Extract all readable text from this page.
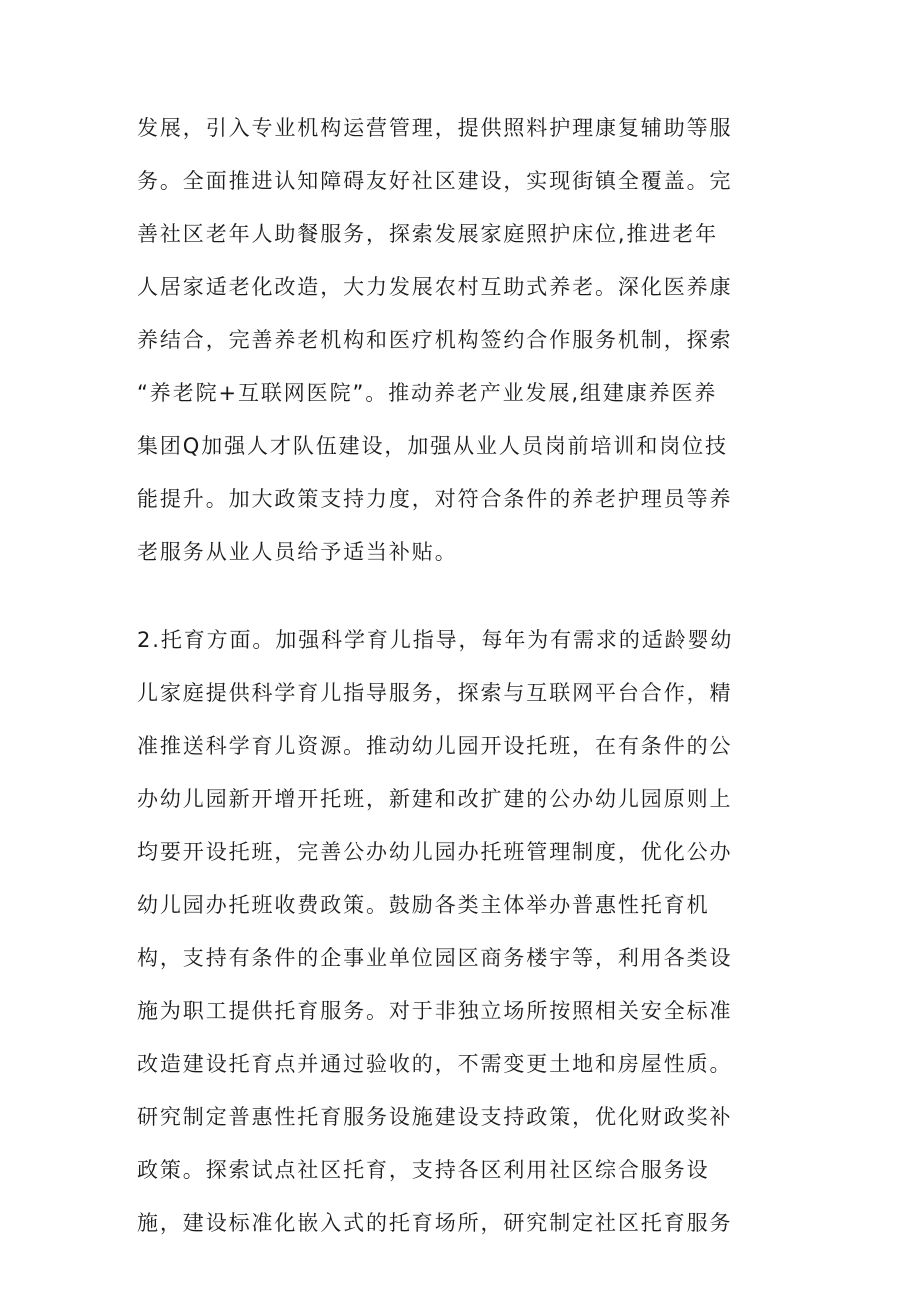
发展，引入专业机构运营管理，提供照料护理康复辅助等服

务。全面推进认知障碍友好社区建设，实现街镇全覆盖。完

善社区老年人助餐服务，探索发展家庭照护床位,推进老年

人居家适老化改造，大力发展农村互助式养老。深化医养康

养结合，完善养老机构和医疗机构签约合作服务机制，探索

“养老院+互联网医院”。推动养老产业发展,组建康养医养

集团Q加强人才队伍建设，加强从业人员岗前培训和岗位技

能提升。加大政策支持力度，对符合条件的养老护理员等养

老服务从业人员给予适当补贴。

2.托育方面。加强科学育儿指导，每年为有需求的适龄婴幼

儿家庭提供科学育儿指导服务，探索与互联网平台合作，精

准推送科学育儿资源。推动幼儿园开设托班，在有条件的公

办幼儿园新开增开托班，新建和改扩建的公办幼儿园原则上

均要开设托班，完善公办幼儿园办托班管理制度，优化公办

幼儿园办托班收费政策。鼓励各类主体举办普惠性托育机

构，支持有条件的企事业单位园区商务楼宇等，利用各类设

施为职工提供托育服务。对于非独立场所按照相关安全标准

改造建设托育点并通过验收的，不需变更土地和房屋性质。

研究制定普惠性托育服务设施建设支持政策，优化财政奖补

政策。探索试点社区托育，支持各区利用社区综合服务设

施，建设标准化嵌入式的托育场所，研究制定社区托育服务
